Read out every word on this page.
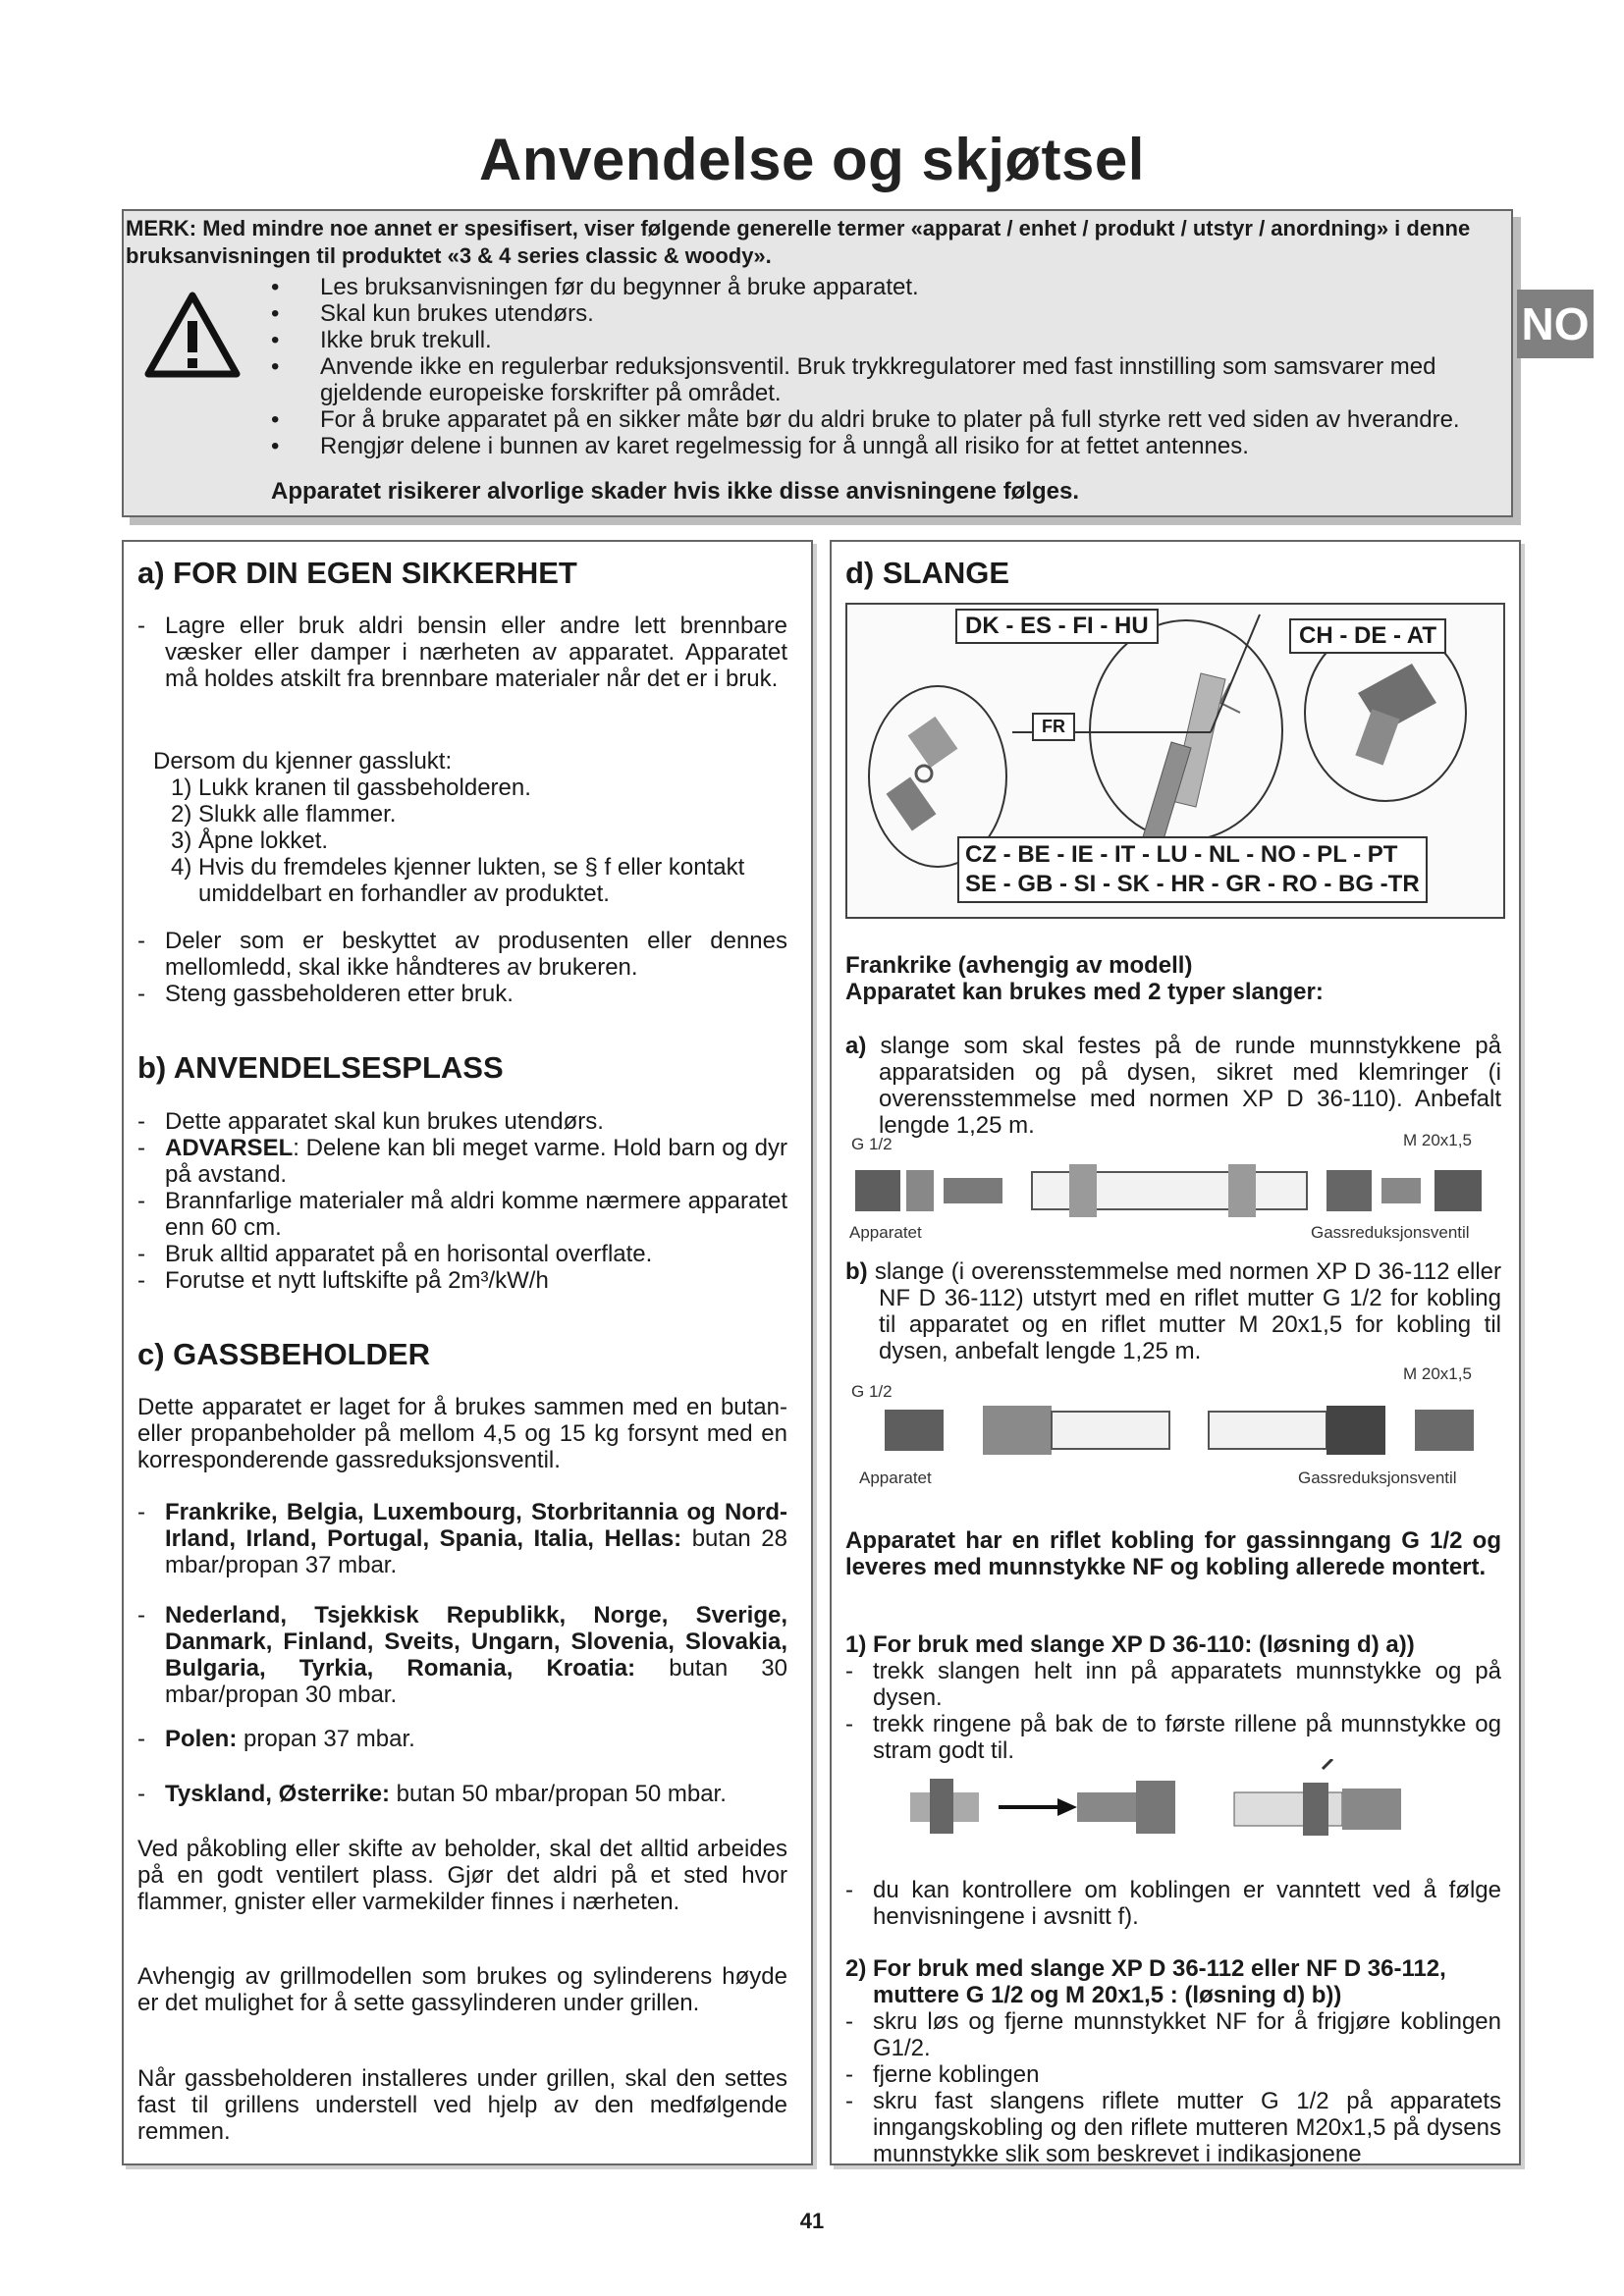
Anvendelse og skjøtsel
MERK: Med mindre noe annet er spesifisert, viser følgende generelle termer «apparat / enhet / produkt / utstyr / anordning» i denne bruksanvisningen til produktet «3 & 4 series classic & woody».
• Les bruksanvisningen før du begynner å bruke apparatet.
• Skal kun brukes utendørs.
• Ikke bruk trekull.
• Anvende ikke en regulerbar reduksjonsventil. Bruk trykkregulatorer med fast innstilling som samsvarer med gjeldende europeiske forskrifter på området.
• For å bruke apparatet på en sikker måte bør du aldri bruke to plater på full styrke rett ved siden av hverandre.
• Rengjør delene i bunnen av karet regelmessig for å unngå all risiko for at fettet antennes.
Apparatet risikerer alvorlige skader hvis ikke disse anvisningene følges.
NO
a) FOR DIN EGEN SIKKERHET
- Lagre eller bruk aldri bensin eller andre lett brennbare væsker eller damper i nærheten av apparatet. Apparatet må holdes atskilt fra brennbare materialer når det er i bruk.
Dersom du kjenner gasslukt:
1) Lukk kranen til gassbeholderen.
2) Slukk alle flammer.
3) Åpne lokket.
4) Hvis du fremdeles kjenner lukten, se § f eller kontakt umiddelbart en forhandler av produktet.
- Deler som er beskyttet av produsenten eller dennes mellomledd, skal ikke håndteres av brukeren.
- Steng gassbeholderen etter bruk.
b) ANVENDELSESPLASS
- Dette apparatet skal kun brukes utendørs.
- ADVARSEL: Delene kan bli meget varme. Hold barn og dyr på avstand.
- Brannfarlige materialer må aldri komme nærmere apparatet enn 60 cm.
- Bruk alltid apparatet på en horisontal overflate.
- Forutse et nytt luftskifte på 2m³/kW/h
c) GASSBEHOLDER
Dette apparatet er laget for å brukes sammen med en butan- eller propanbeholder på mellom 4,5 og 15 kg forsynt med en korresponderende gassreduksjonsventil.
- Frankrike, Belgia, Luxembourg, Storbritannia og Nord-Irland, Irland, Portugal, Spania, Italia, Hellas: butan 28 mbar/propan 37 mbar.
- Nederland, Tsjekkisk Republikk, Norge, Sverige, Danmark, Finland, Sveits, Ungarn, Slovenia, Slovakia, Bulgaria, Tyrkia, Romania, Kroatia: butan 30 mbar/propan 30 mbar.
- Polen: propan 37 mbar.
- Tyskland, Østerrike: butan 50 mbar/propan 50 mbar.
Ved påkobling eller skifte av beholder, skal det alltid arbeides på en godt ventilert plass. Gjør det aldri på et sted hvor flammer, gnister eller varmekilder finnes i nærheten.
Avhengig av grillmodellen som brukes og sylinderens høyde er det mulighet for å sette gassylinderen under grillen.
Når gassbeholderen installeres under grillen, skal den settes fast til grillens understell ved hjelp av den medfølgende remmen.
d) SLANGE
DK - ES - FI - HU	CH - DE - AT
FR
CZ - BE - IE - IT - LU - NL - NO - PL - PT
SE - GB - SI - SK - HR - GR - RO - BG -TR
Frankrike (avhengig av modell)
Apparatet kan brukes med 2 typer slanger:
a) slange som skal festes på de runde munnstykkene på apparatsiden og på dysen, sikret med klemringer (i overensstemmelse med normen XP D 36-110). Anbefalt lengde 1,25 m.
G 1/2	M 20x1,5
Apparatet	Gassreduksjonsventil
b) slange (i overensstemmelse med normen XP D 36-112 eller NF D 36-112) utstyrt med en riflet mutter G 1/2 for kobling til apparatet og en riflet mutter M 20x1,5 for kobling til dysen, anbefalt lengde 1,25 m.
M 20x1,5
G 1/2
Apparatet	Gassreduksjonsventil
Apparatet har en riflet kobling for gassinngang G 1/2 og leveres med munnstykke NF og kobling allerede montert.
1) For bruk med slange XP D 36-110: (løsning d) a))
- trekk slangen helt inn på apparatets munnstykke og på dysen.
- trekk ringene på bak de to første rillene på munnstykke og stram godt til.
- du kan kontrollere om koblingen er vanntett ved å følge henvisningene i avsnitt f).
2) For bruk med slange XP D 36-112 eller NF D 36-112, muttere G 1/2 og M 20x1,5 : (løsning d) b))
- skru løs og fjerne munnstykket NF for å frigjøre koblingen G1/2.
- fjerne koblingen
- skru fast slangens riflete mutter G 1/2 på apparatets inngangskobling og den riflete mutteren M20x1,5 på dysens munnstykke slik som beskrevet i indikasjonene
41
